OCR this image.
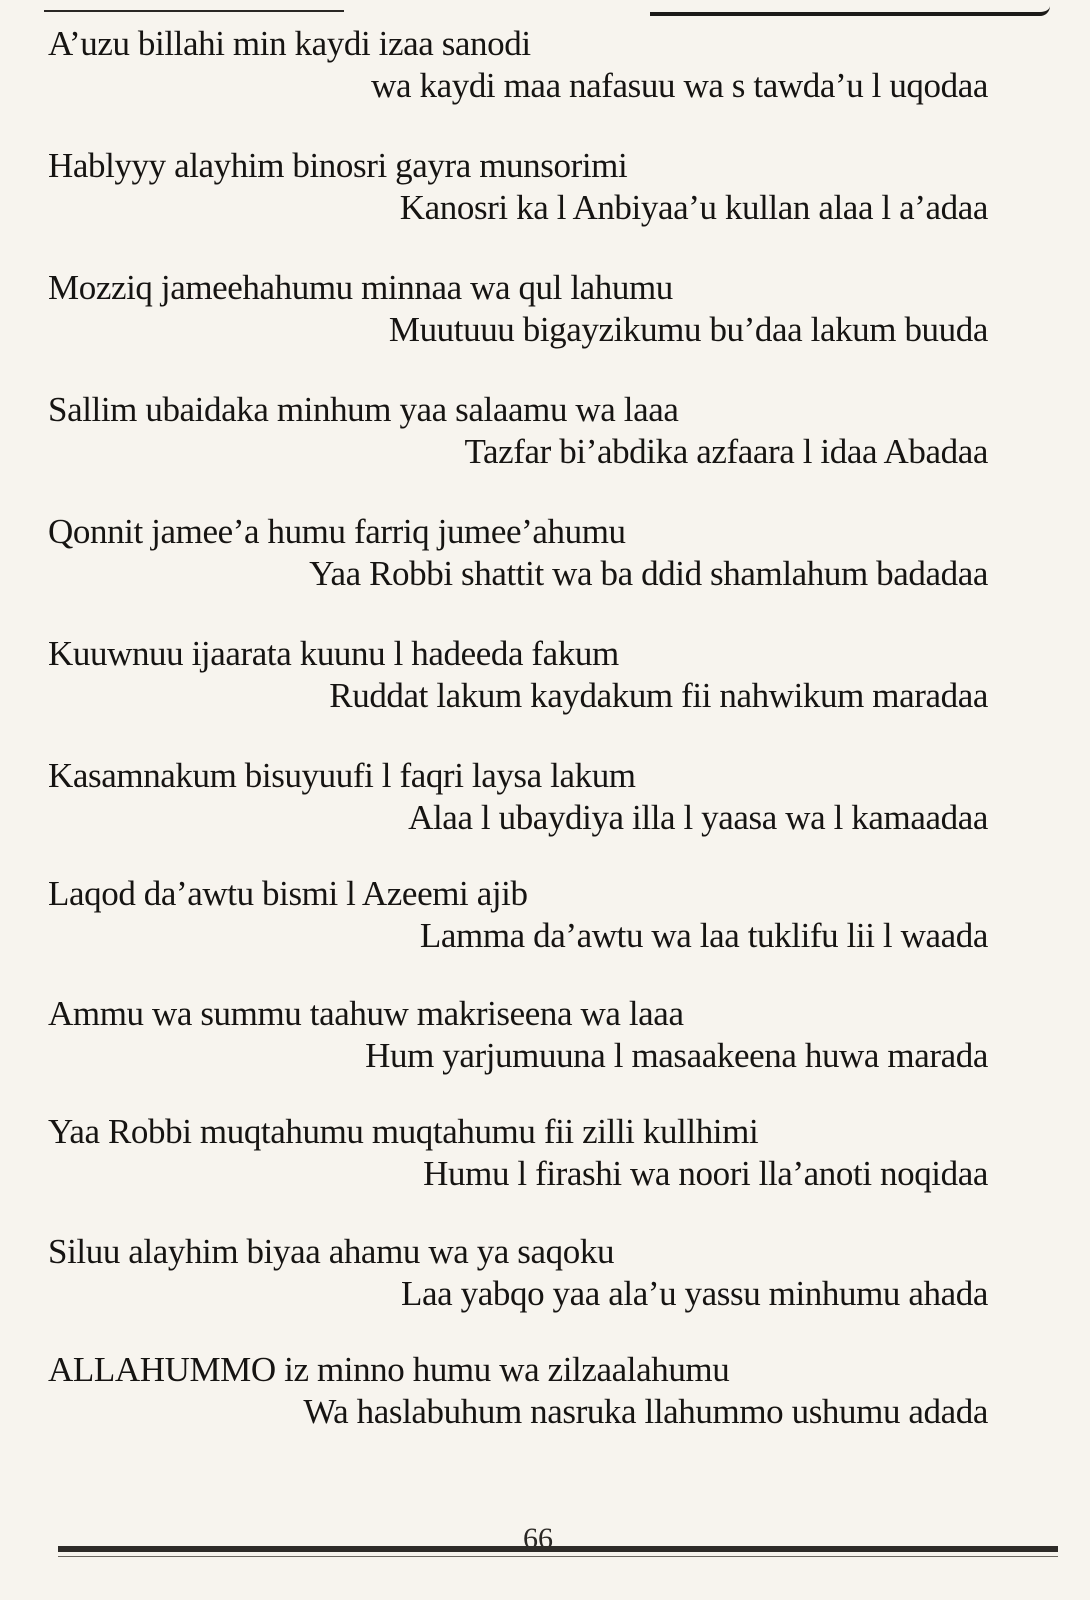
A’uzu billahi min kaydi izaa sanodi
wa kaydi maa nafasuu wa s tawda’u l uqodaa
Hablyyy alayhim binosri gayra munsorimi
Kanosri ka l Anbiyaa’u kullan alaa l a’adaa
Mozziq jameehahumu minnaa wa qul lahumu
Muutuuu bigayzikumu bu’daa lakum buuda
Sallim ubaidaka minhum yaa salaamu wa laaa
Tazfar bi’abdika azfaara l idaa Abadaa
Qonnit jamee’a humu farriq jumee’ahumu
Yaa Robbi shattit wa ba ddid shamlahum badadaa
Kuuwnuu ijaarata kuunu l hadeeda fakum
Ruddat lakum kaydakum fii nahwikum maradaa
Kasamnakum bisuyuufi l faqri laysa lakum
Alaa l ubaydiya illa l yaasa wa l kamaadaa
Laqod da’awtu bismi l Azeemi ajib
Lamma da’awtu wa laa tuklifu lii l waada
Ammu wa summu taahuw makriseena wa laaa
Hum yarjumuuna l masaakeena huwa marada
Yaa Robbi muqtahumu muqtahumu fii zilli kullhimi
Humu l firashi wa noori lla’anoti noqidaa
Siluu alayhim biyaa ahamu wa ya saqoku
Laa yabqo yaa ala’u yassu minhumu ahada
ALLAHUMMO iz minno humu wa zilzaalahumu
Wa haslabuhum nasruka llahummo ushumu adada
66
